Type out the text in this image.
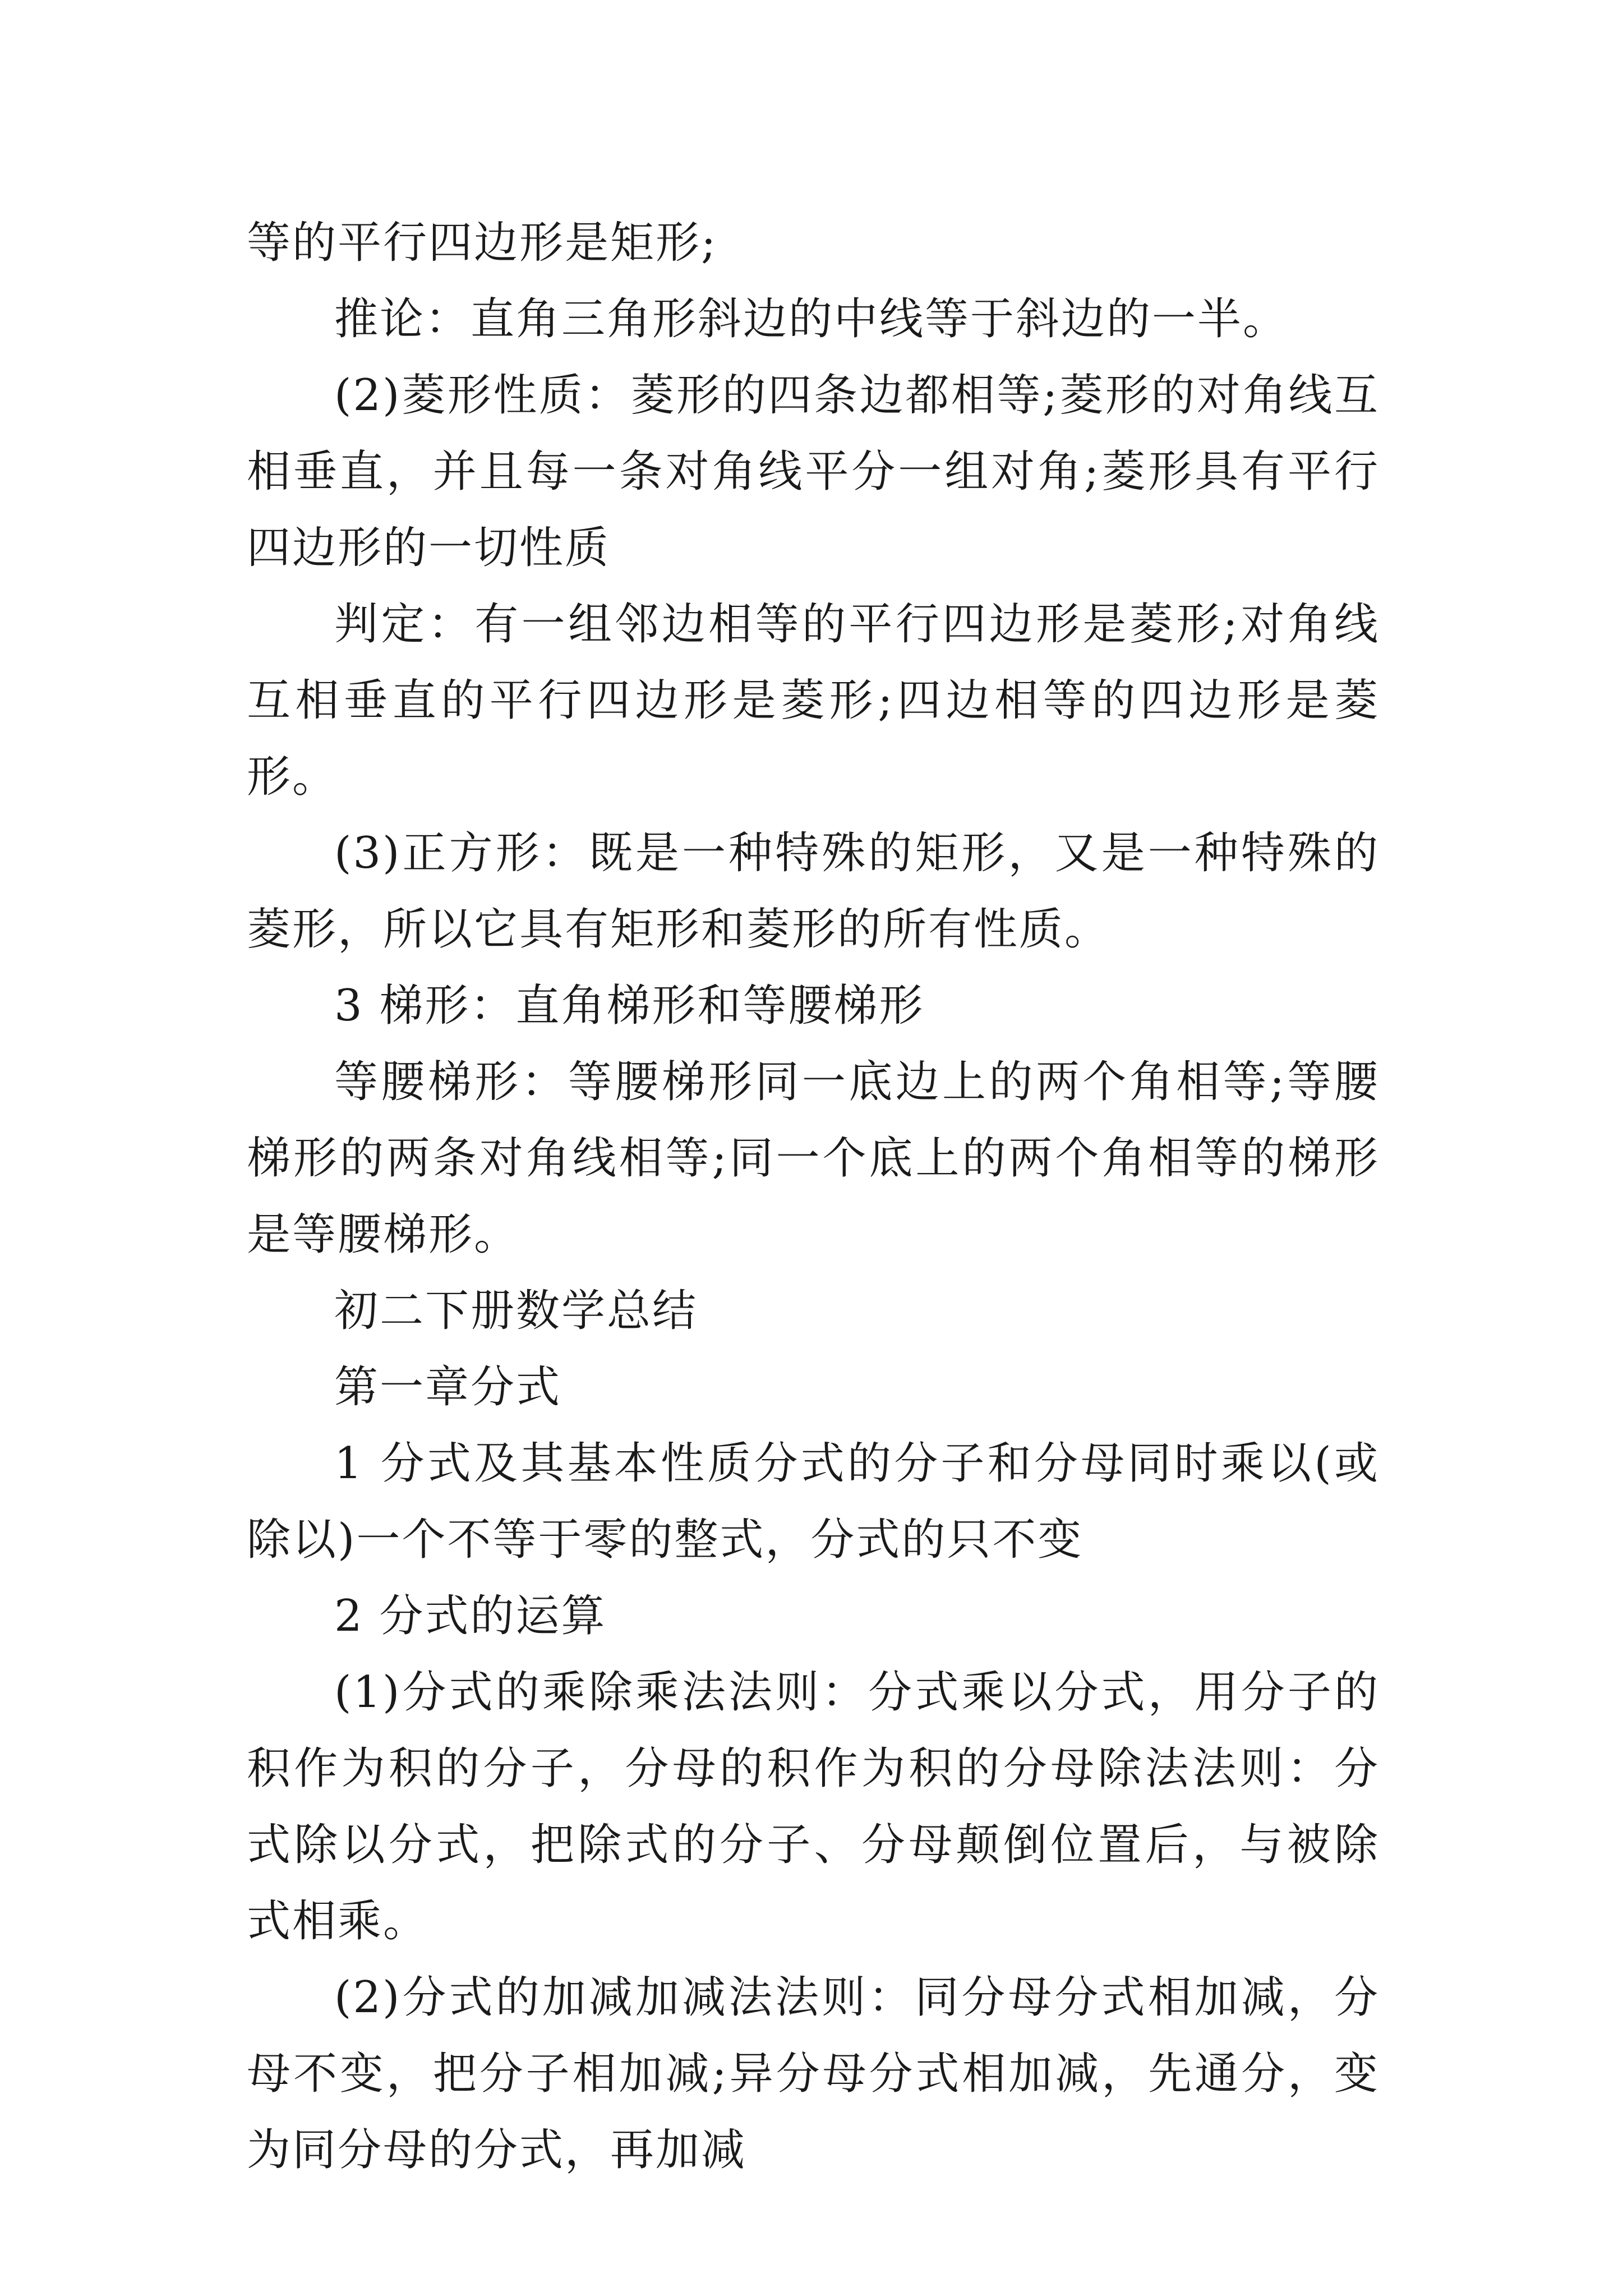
等的平行四边形是矩形;

推论：直角三角形斜边的中线等于斜边的一半。

(2)菱形性质：菱形的四条边都相等;菱形的对角线互相垂直，并且每一条对角线平分一组对角;菱形具有平行四边形的一切性质

判定：有一组邻边相等的平行四边形是菱形;对角线互相垂直的平行四边形是菱形;四边相等的四边形是菱形。

(3)正方形：既是一种特殊的矩形，又是一种特殊的菱形，所以它具有矩形和菱形的所有性质。

3 梯形：直角梯形和等腰梯形

等腰梯形：等腰梯形同一底边上的两个角相等;等腰梯形的两条对角线相等;同一个底上的两个角相等的梯形是等腰梯形。

初二下册数学总结

第一章分式

1 分式及其基本性质分式的分子和分母同时乘以(或除以)一个不等于零的整式，分式的只不变

2 分式的运算

(1)分式的乘除乘法法则：分式乘以分式，用分子的积作为积的分子，分母的积作为积的分母除法法则：分式除以分式，把除式的分子、分母颠倒位置后，与被除式相乘。

(2)分式的加减加减法法则：同分母分式相加减，分母不变，把分子相加减;异分母分式相加减，先通分，变为同分母的分式，再加减
